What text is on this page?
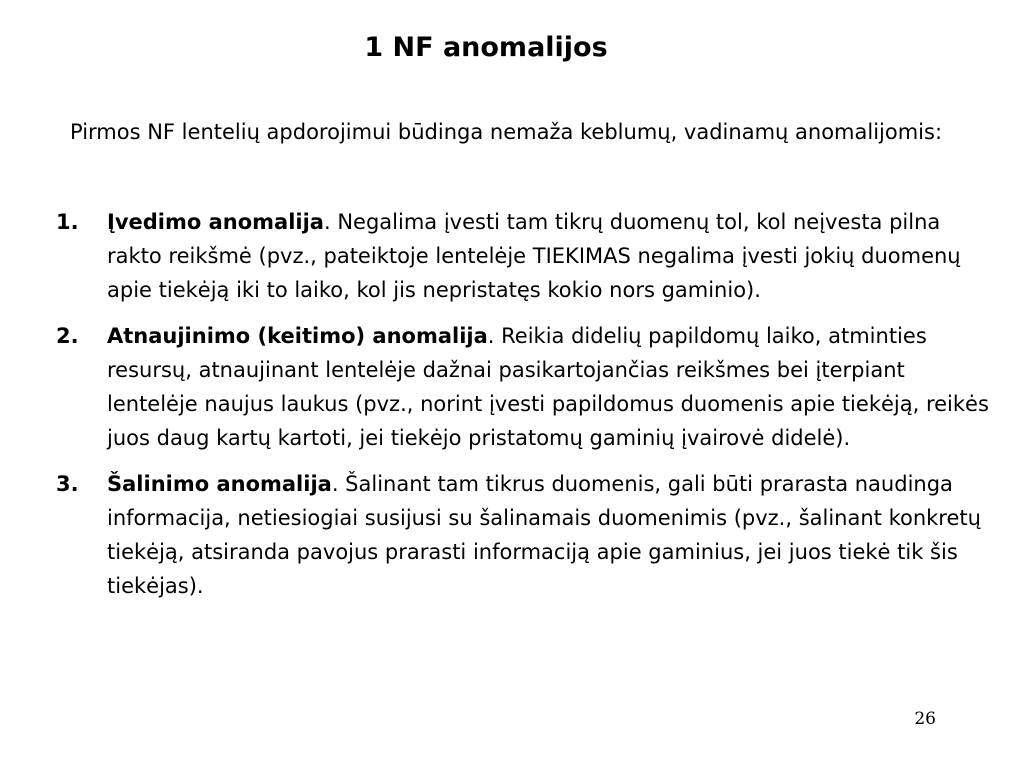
1 NF anomalijos

Pirmos NF lentelių apdorojimui būdinga nemaža keblumų, vadinamų anomalijomis:

1. Įvedimo anomalija. Negalima įvesti tam tikrų duomenų tol, kol neįvesta pilna rakto reikšmė (pvz., pateiktoje lentelėje TIEKIMAS negalima įvesti jokių duomenų apie tiekėją iki to laiko, kol jis nepristatęs kokio nors gaminio).
2. Atnaujinimo (keitimo) anomalija. Reikia didelių papildomų laiko, atminties resursų, atnaujinant lentelėje dažnai pasikartojančias reikšmes bei įterpiant lentelėje naujus laukus (pvz., norint įvesti papildomus duomenis apie tiekėją, reikės juos daug kartų kartoti, jei tiekėjo pristatomų gaminių įvairovė didelė).
3. Šalinimo anomalija. Šalinant tam tikrus duomenis, gali būti prarasta naudinga informacija, netiesiogiai susijusi su šalinamais duomenimis (pvz., šalinant konkretų tiekėją, atsiranda pavojus prarasti informaciją apie gaminius, jei juos tiekė tik šis tiekėjas).
26
